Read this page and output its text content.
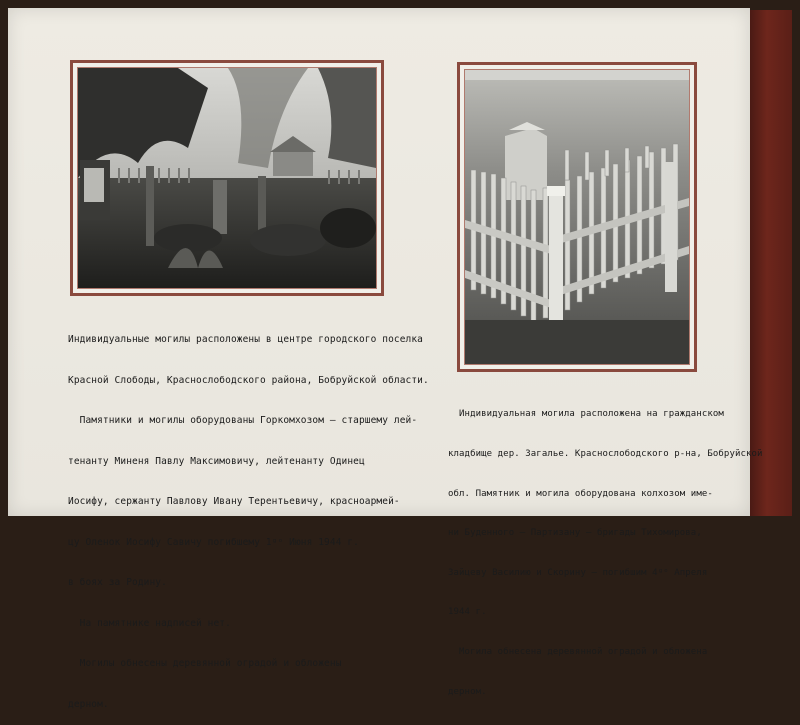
Индивидуальные могилы расположены в центре городского поселка

Красной Слободы, Краснослободского района, Бобруйской области.

Памятники и могилы оборудованы Горкомхозом – старшему лей-

тенанту Миненя Павлу Максимовичу, лейтенанту Одинец

Иосифу, сержанту Павлову Ивану Терентьевичу, красноармей-

цу Оленок Иосифу Савичу погибшему 1ᵍᵒ Июня 1944 г.

в боях за Родину.

На памятнике надписей нет.

Могилы обнесены деревянной оградой и обложены

дерном.

Индивидуальная могила расположена на гражданском

кладбище дер. Загалье. Краснослободского р-на, Бобруйской

обл. Памятник и могила оборудована колхозом имe-

ни Буденного – Партизану – бригады Тихомирова,

Зайцеву Василию и Скорину – погибшим 4ᵍᵒ Апреля

1944 г.

Могила обнесена деревянной оградой и обложена

дерном.
